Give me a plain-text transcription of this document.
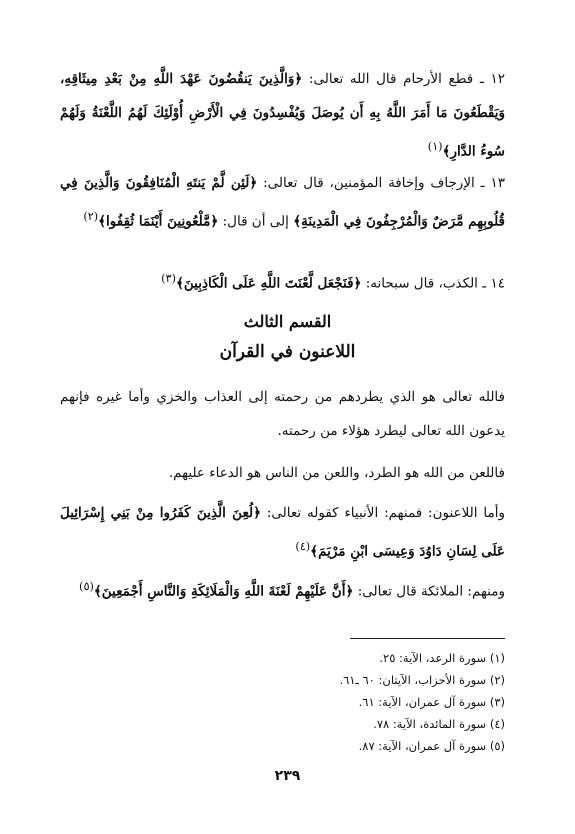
١٢ ـ قطع الأرحام قال الله تعالى: ﴿وَالَّذِينَ يَنقُضُونَ عَهْدَ اللَّهِ مِنْ بَعْدِ مِيثَاقِهِ، وَيَقْطَعُونَ مَا أَمَرَ اللَّهُ بِهِ أَن يُوصَلَ وَيُفْسِدُونَ فِي الْأَرْضِ أُوْلَئِكَ لَهُمُ اللَّعْنَةُ وَلَهُمْ سُوءُ الدَّارِ﴾$^{(١)}$
١٣ ـ الإرجاف وإخافة المؤمنين، قال تعالى: ﴿لَئِن لَّمْ يَنتَهِ الْمُنَافِقُونَ وَالَّذِينَ فِي قُلُوبِهِم مَّرَضٌ وَالْمُرْجِفُونَ فِي الْمَدِينَةِ﴾ إلى أن قال: ﴿مَّلْعُونِينَ أَيْنَمَا ثُقِفُوا﴾$^{(٢)}$
١٤ ـ الكذب، قال سبحانه: ﴿فَنَجْعَل لَّعْنَتَ اللَّهِ عَلَى الْكَاذِبِينَ﴾$^{(٣)}$
القسم الثالث
اللاعنون في القرآن
فالله تعالى هو الذي يطردهم من رحمته إلى العذاب والخزي وأما غيره فإنهم يدعون الله تعالى ليطرد هؤلاء من رحمته.
فاللعن من الله هو الطرد، واللعن من الناس هو الدعاء عليهم.
وأما اللاعنون: فمنهم: الأنبياء كقوله تعالى: ﴿لُعِنَ الَّذِينَ كَفَرُوا مِنْ بَنِي إِسْرَائِيلَ عَلَى لِسَانِ دَاوُدَ وَعِيسَى ابْنِ مَرْيَمَ﴾$^{(٤)}$
ومنهم: الملائكة قال تعالى: ﴿أَنَّ عَلَيْهِمْ لَعْنَةَ اللَّهِ وَالْمَلَائِكَةِ وَالنَّاسِ أَجْمَعِينَ﴾$^{(٥)}$
(١) سورة الرعد، الآية: ٢٥.
(٢) سورة الأحزاب، الآيتان: ٦٠ ـ٦١.
(٣) سورة آل عمران، الآية: ٦١.
(٤) سورة المائدة، الآية: ٧٨.
(٥) سورة آل عمران، الآية: ٨٧.
٢٣٩
